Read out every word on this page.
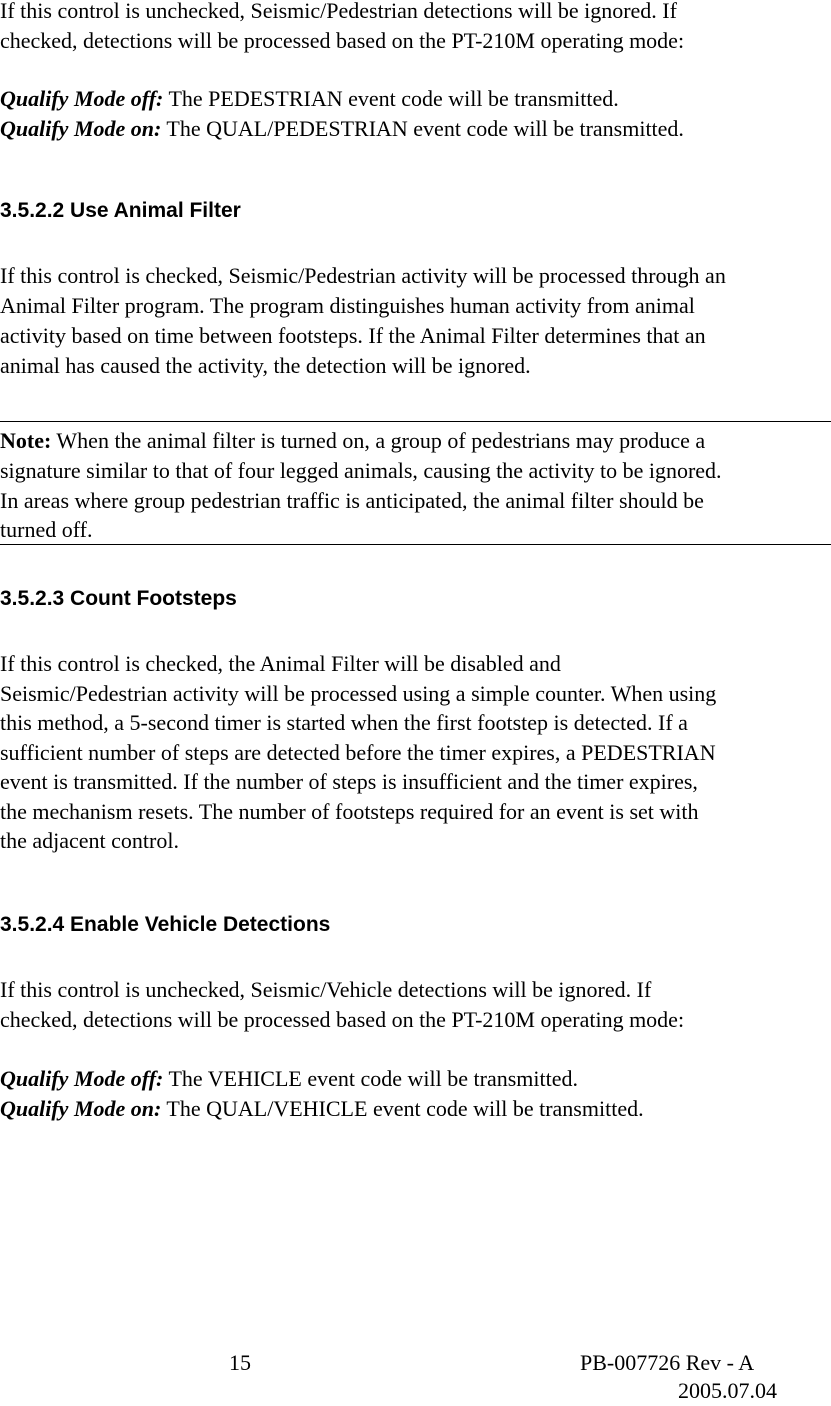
If this control is unchecked, Seismic/Pedestrian detections will be ignored. If
checked, detections will be processed based on the PT-210M operating mode:
Qualify Mode off: The PEDESTRIAN event code will be transmitted.
Qualify Mode on: The QUAL/PEDESTRIAN event code will be transmitted.
3.5.2.2 Use Animal Filter
If this control is checked, Seismic/Pedestrian activity will be processed through an
Animal Filter program. The program distinguishes human activity from animal
activity based on time between footsteps. If the Animal Filter determines that an
animal has caused the activity, the detection will be ignored.
Note: When the animal filter is turned on, a group of pedestrians may produce a
signature similar to that of four legged animals, causing the activity to be ignored.
In areas where group pedestrian traffic is anticipated, the animal filter should be
turned off.
3.5.2.3 Count Footsteps
If this control is checked, the Animal Filter will be disabled and
Seismic/Pedestrian activity will be processed using a simple counter. When using
this method, a 5-second timer is started when the first footstep is detected. If a
sufficient number of steps are detected before the timer expires, a PEDESTRIAN
event is transmitted. If the number of steps is insufficient and the timer expires,
the mechanism resets. The number of footsteps required for an event is set with
the adjacent control.
3.5.2.4 Enable Vehicle Detections
If this control is unchecked, Seismic/Vehicle detections will be ignored. If
checked, detections will be processed based on the PT-210M operating mode:
Qualify Mode off: The VEHICLE event code will be transmitted.
Qualify Mode on: The QUAL/VEHICLE event code will be transmitted.
15	PB-007726 Rev - A
2005.07.04
